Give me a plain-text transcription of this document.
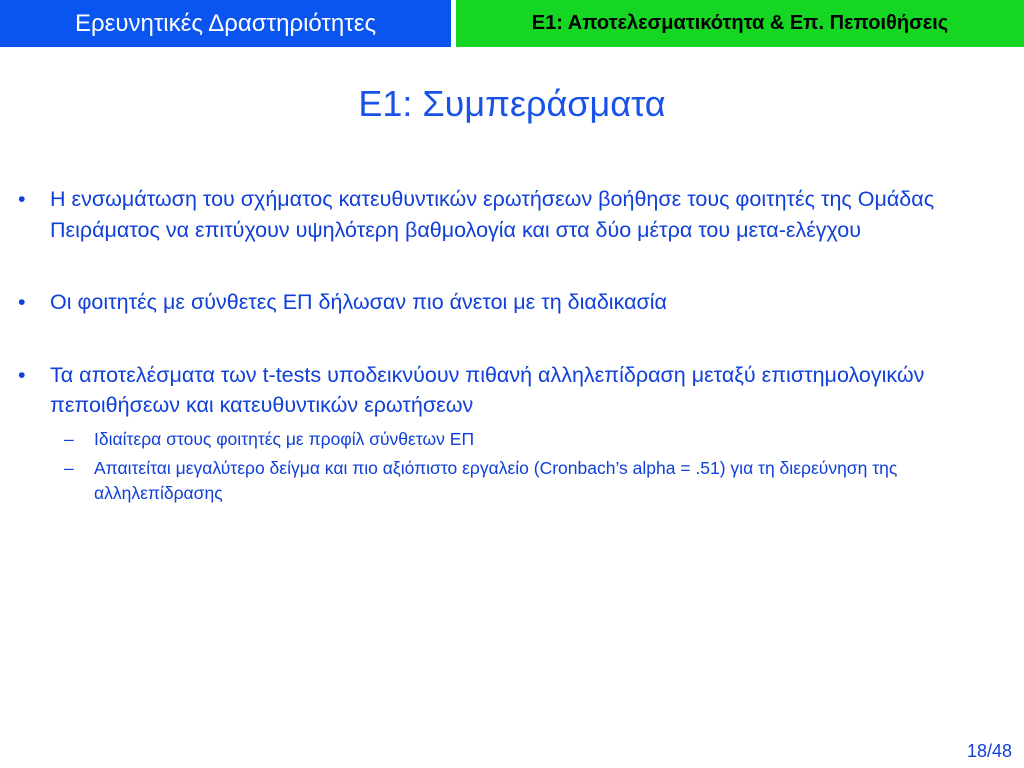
Ερευνητικές Δραστηριότητες	Ε1: Αποτελεσματικότητα & Επ. Πεποιθήσεις
Ε1: Συμπεράσματα
• Η ενσωμάτωση του σχήματος κατευθυντικών ερωτήσεων βοήθησε τους φοιτητές της Ομάδας Πειράματος να επιτύχουν υψηλότερη βαθμολογία και στα δύο μέτρα του μετα-ελέγχου
• Οι φοιτητές με σύνθετες ΕΠ δήλωσαν πιο άνετοι με τη διαδικασία
• Τα αποτελέσματα των t-tests υποδεικνύουν πιθανή αλληλεπίδραση μεταξύ επιστημολογικών πεποιθήσεων και κατευθυντικών ερωτήσεων
– Ιδιαίτερα στους φοιτητές με προφίλ σύνθετων ΕΠ
– Απαιτείται μεγαλύτερο δείγμα και πιο αξιόπιστο εργαλείο (Cronbach’s alpha = .51) για τη διερεύνηση της αλληλεπίδρασης
18/48
